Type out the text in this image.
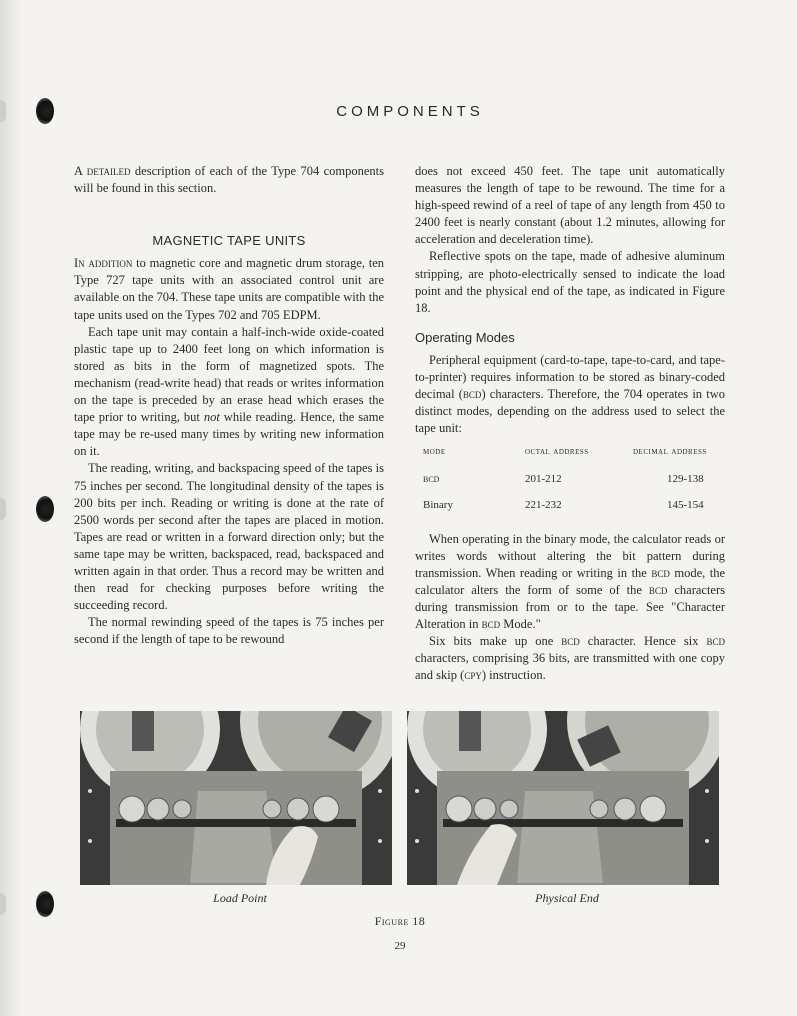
COMPONENTS

A detailed description of each of the Type 704 components will be found in this section.

MAGNETIC TAPE UNITS

In addition to magnetic core and magnetic drum storage, ten Type 727 tape units with an associated control unit are available on the 704. These tape units are compatible with the tape units used on the Types 702 and 705 EDPM.

Each tape unit may contain a half-inch-wide oxide-coated plastic tape up to 2400 feet long on which information is stored as bits in the form of magnetized spots. The mechanism (read-write head) that reads or writes information on the tape is preceded by an erase head which erases the tape prior to writing, but not while reading. Hence, the same tape may be re-used many times by writing new information on it.

The reading, writing, and backspacing speed of the tapes is 75 inches per second. The longitudinal density of the tapes is 200 bits per inch. Reading or writing is done at the rate of 2500 words per second after the tapes are placed in motion. Tapes are read or written in a forward direction only; but the same tape may be written, backspaced, read, backspaced and written again in that order. Thus a record may be written and then read for checking purposes before writing the succeeding record.

The normal rewinding speed of the tapes is 75 inches per second if the length of tape to be rewound

does not exceed 450 feet. The tape unit automatically measures the length of tape to be rewound. The time for a high-speed rewind of a reel of tape of any length from 450 to 2400 feet is nearly constant (about 1.2 minutes, allowing for acceleration and deceleration time).

Reflective spots on the tape, made of adhesive aluminum stripping, are photo-electrically sensed to indicate the load point and the physical end of the tape, as indicated in Figure 18.

Operating Modes

Peripheral equipment (card-to-tape, tape-to-card, and tape-to-printer) requires information to be stored as binary-coded decimal (bcd) characters. Therefore, the 704 operates in two distinct modes, depending on the address used to select the tape unit:

mode	octal address	decimal address
bcd	201-212	129-138
Binary	221-232	145-154

When operating in the binary mode, the calculator reads or writes words without altering the bit pattern during transmission. When reading or writing in the bcd mode, the calculator alters the form of some of the bcd characters during transmission from or to the tape. See "Character Alteration in bcd Mode."

Six bits make up one bcd character. Hence six bcd characters, comprising 36 bits, are transmitted with one copy and skip (cpy) instruction.

Load Point	Physical End
Figure 18
29
